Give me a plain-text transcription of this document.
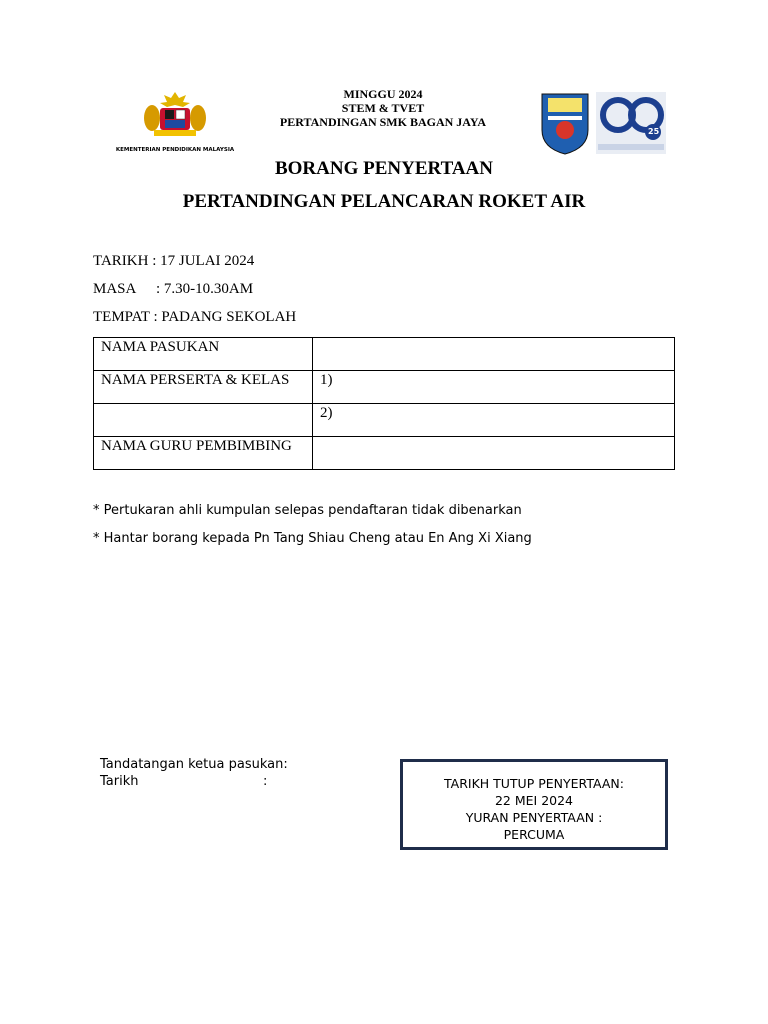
KEMENTERIAN PENDIDIKAN MALAYSIA
MINGGU 2024
STEM & TVET
PERTANDINGAN SMK BAGAN JAYA
25
BORANG PENYERTAAN
PERTANDINGAN PELANCARAN ROKET AIR
TARIKH : 17 JULAI 2024
MASA : 7.30-10.30AM
TEMPAT : PADANG SEKOLAH
NAMA PASUKAN	
NAMA PERSERTA & KELAS	1)
	2)
NAMA GURU PEMBIMBING	
* Pertukaran ahli kumpulan selepas pendaftaran tidak dibenarkan
* Hantar borang kepada Pn Tang Shiau Cheng atau En Ang Xi Xiang
Tandatangan ketua pasukan:
Tarikh	:	TARIKH TUTUP PENYERTAAN:
22 MEI 2024
YURAN PENYERTAAN :
PERCUMA
